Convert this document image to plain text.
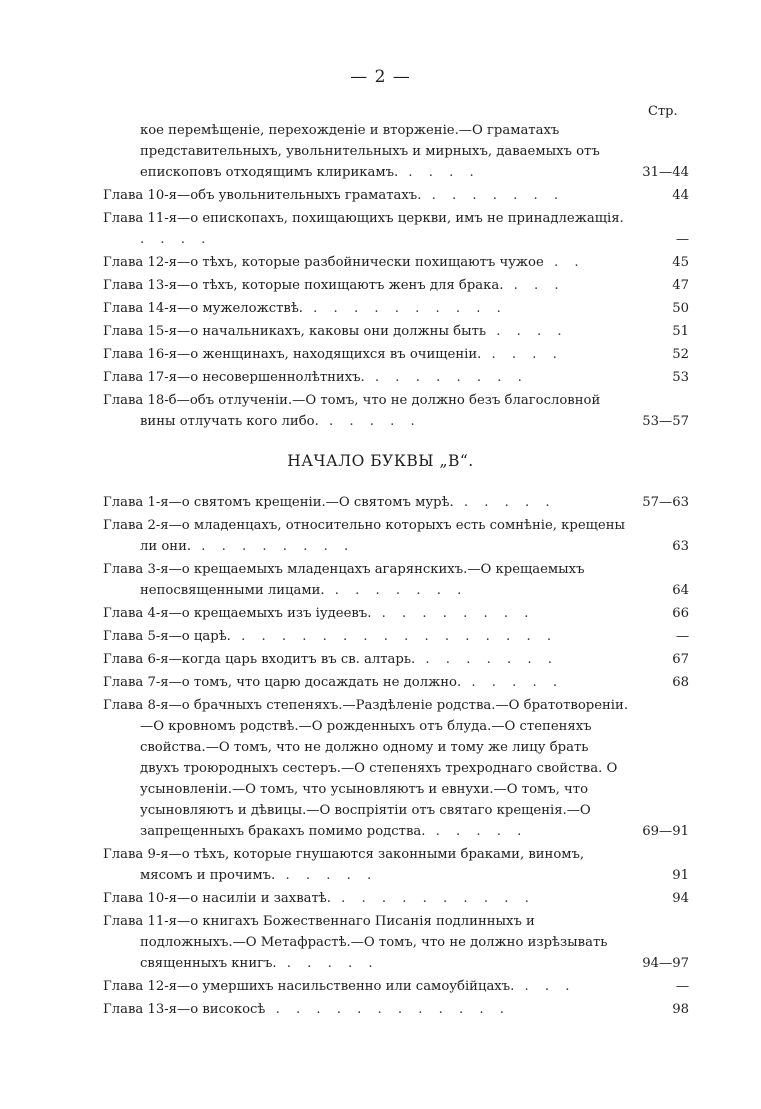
— 2 —
Стр.
кое перемѣщеніе, перехожденіе и вторженіе.—О граматахъ представительныхъ, увольнительныхъ и мирныхъ, даваемыхъ отъ епископовъ отходящимъ клирикамъ. . . . .	31—44
Глава 10-я—объ увольнительныхъ граматахъ. . . . . . . .	44
Глава 11-я—о епископахъ, похищающихъ церкви, имъ не принадлежащія. . . . .	—
Глава 12-я—о тѣхъ, которые разбойнически похищаютъ чужое . .	45
Глава 13-я—о тѣхъ, которые похищаютъ женъ для брака. . . .	47
Глава 14-я—о мужеложствѣ. . . . . . . . . . .	50
Глава 15-я—о начальникахъ, каковы они должны быть . . . .	51
Глава 16-я—о женщинахъ, находящихся въ очищеніи. . . . .	52
Глава 17-я—о несовершеннолѣтнихъ. . . . . . . . .	53
Глава 18-б—объ отлученіи.—О томъ, что не должно безъ благословной вины отлучать кого либо. . . . . .	53—57
НАЧАЛО БУКВЫ „В“.
Глава 1-я—о святомъ крещеніи.—О святомъ мурѣ. . . . . .	57—63
Глава 2-я—о младенцахъ, относительно которыхъ есть сомнѣніе, крещены ли они. . . . . . . . .	63
Глава 3-я—о крещаемыхъ младенцахъ агарянскихъ.—О крещаемыхъ непосвященными лицами. . . . . . . .	64
Глава 4-я—о крещаемыхъ изъ іудеевъ. . . . . . . . .	66
Глава 5-я—о царѣ. . . . . . . . . . . . . . . . .	—
Глава 6-я—когда царь входитъ въ св. алтарь. . . . . . . .	67
Глава 7-я—о томъ, что царю досаждать не должно. . . . . .	68
Глава 8-я—о брачныхъ степеняхъ.—Раздѣленіе родства.—О братотвореніи.—О кровномъ родствѣ.—О рожденныхъ отъ блуда.—О степеняхъ свойства.—О томъ, что не должно одному и тому же лицу брать двухъ троюродныхъ сестеръ.—О степеняхъ трехроднаго свойства. О усыновленіи.—О томъ, что усыновляютъ и евнухи.—О томъ, что усыновляютъ и дѣвицы.—О воспріятіи отъ святаго крещенія.—О запрещенныхъ бракахъ помимо родства. . . . . .	69—91
Глава 9-я—о тѣхъ, которые гнушаются законными браками, виномъ, мясомъ и прочимъ. . . . . .	91
Глава 10-я—о насиліи и захватѣ. . . . . . . . . . .	94
Глава 11-я—о книгахъ Божественнаго Писанія подлинныхъ и подложныхъ.—О Метафрастѣ.—О томъ, что не должно изрѣзывать священныхъ книгъ. . . . . .	94—97
Глава 12-я—о умершихъ насильственно или самоубійцахъ. . . .	—
Глава 13-я—о високосѣ . . . . . . . . . . . .	98
